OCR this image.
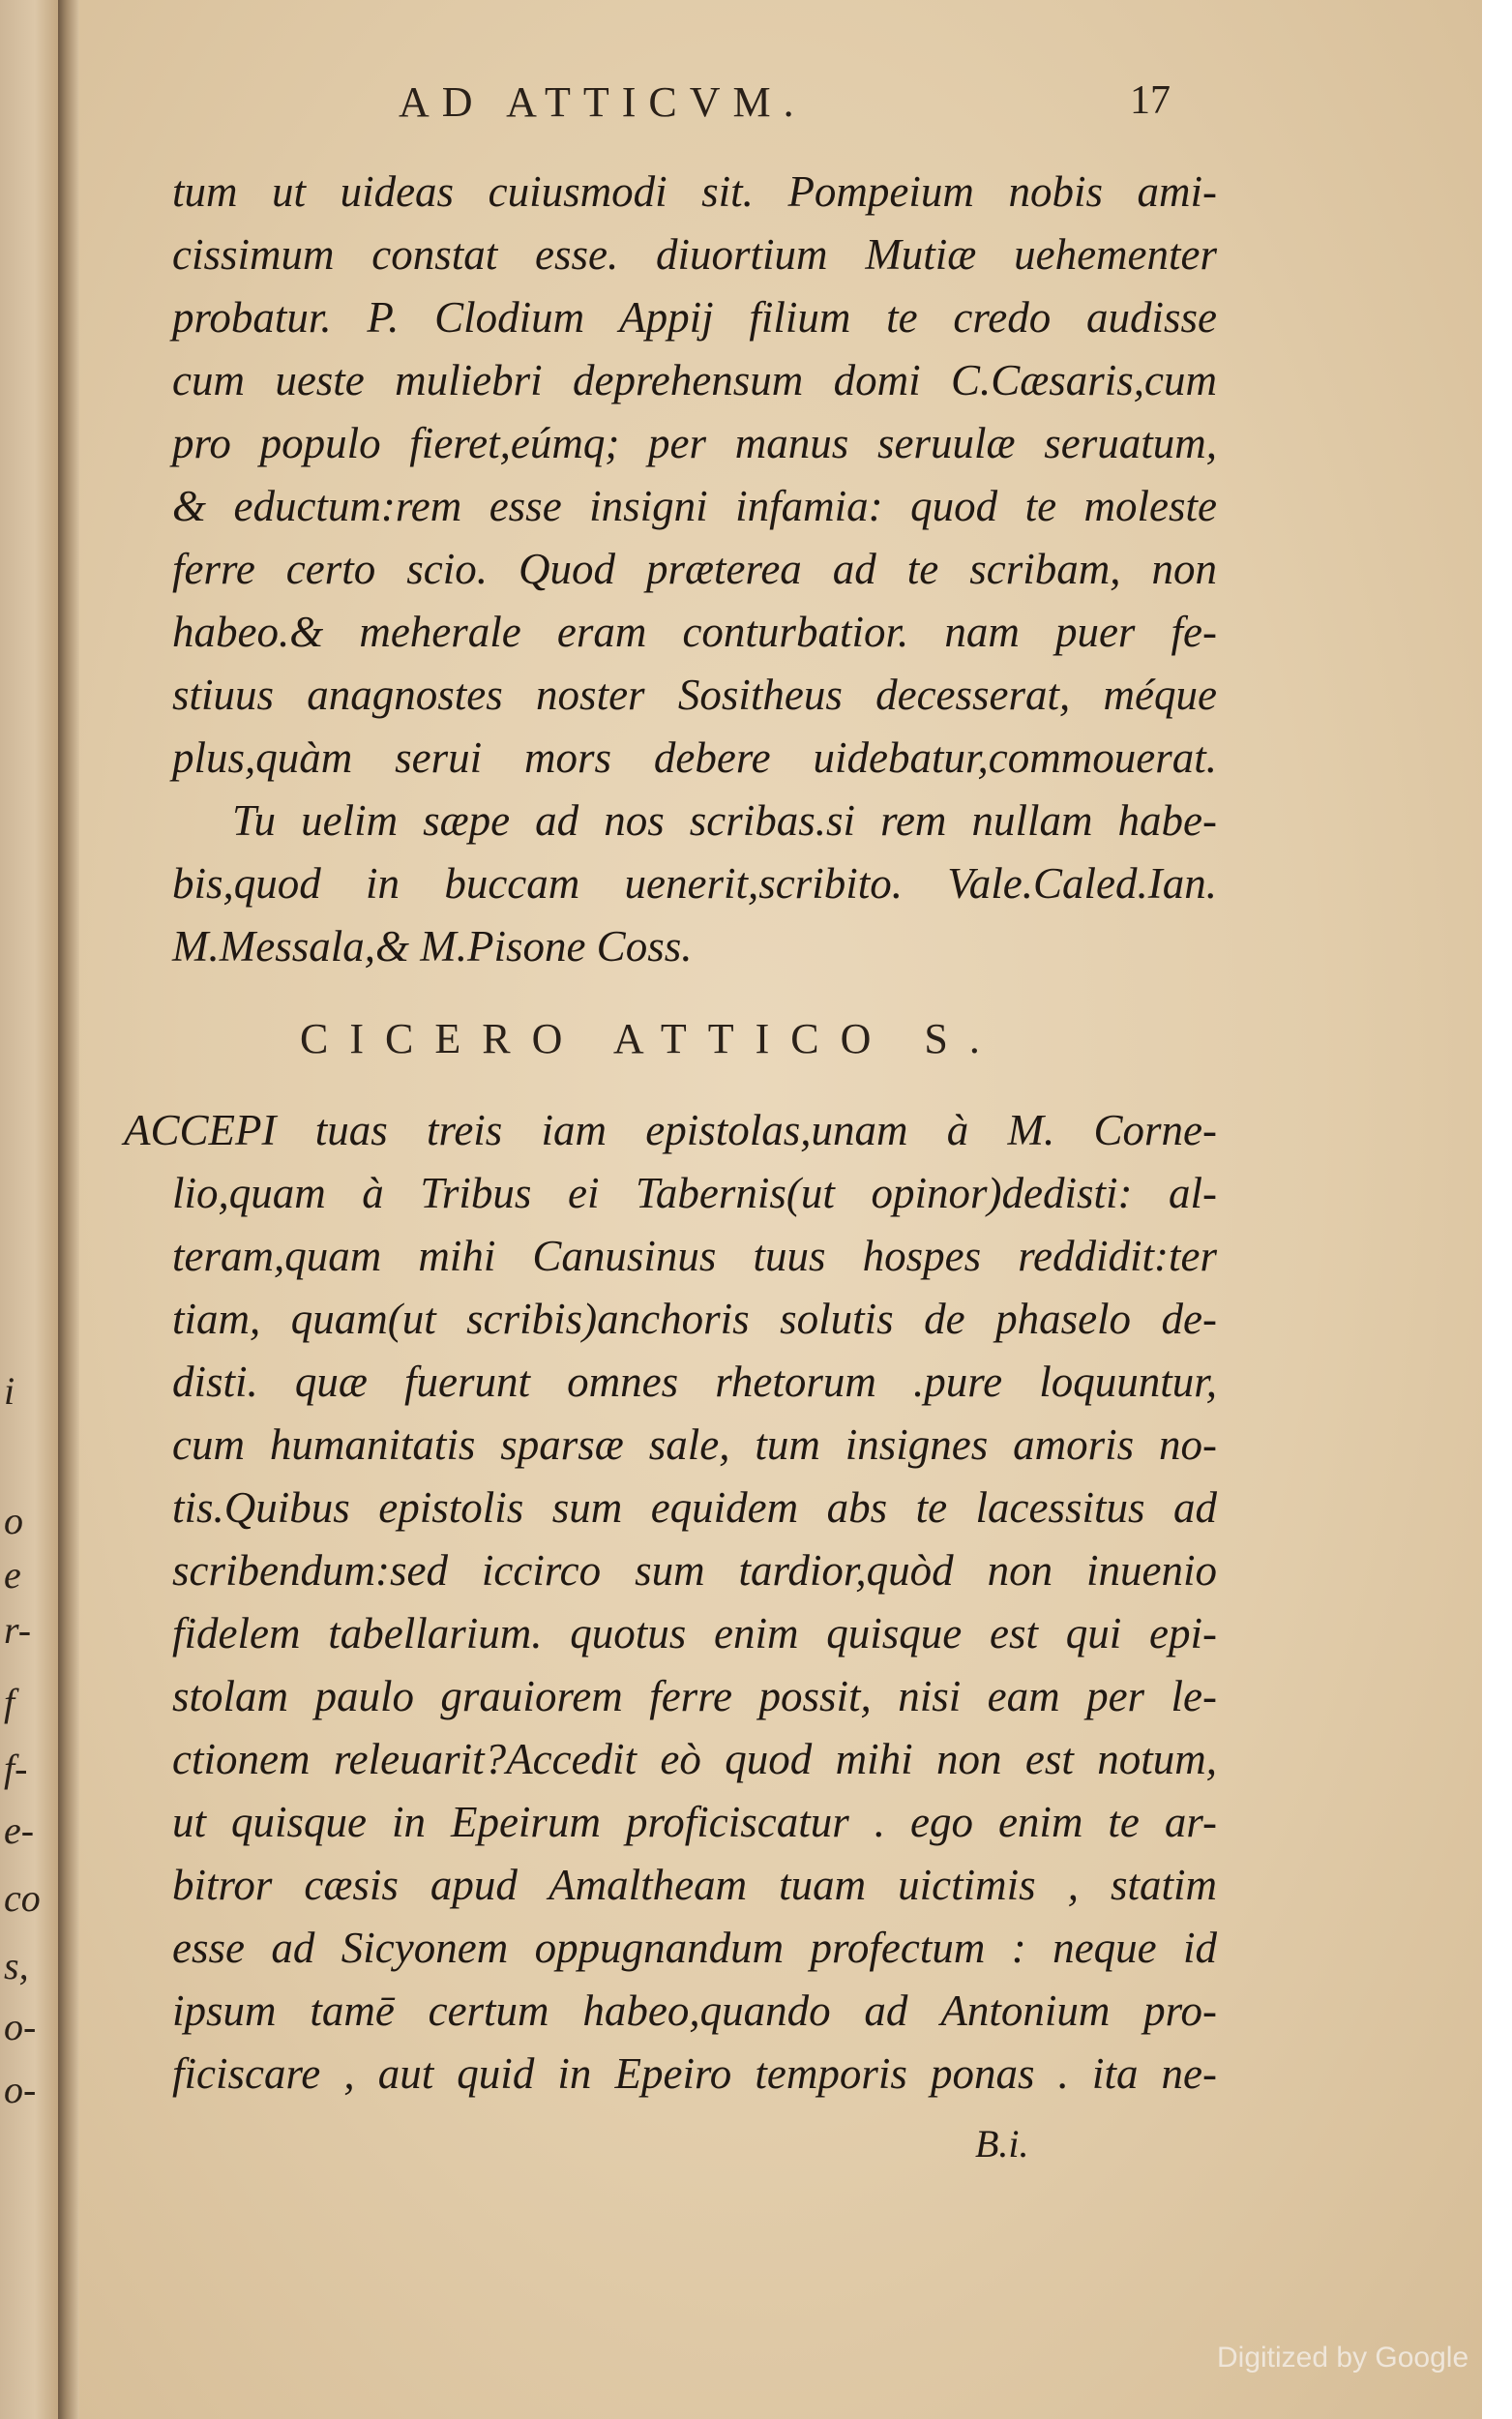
i
o
e
r-
f
f-
e-
co
s,
o-
o-
AD ATTICVM.	17
tum ut uideas cuiusmodi sit. Pompeium nobis ami-
cissimum constat esse. diuortium Mutiæ uehementer
probatur. P. Clodium Appij filium te credo audisse
cum ueste muliebri deprehensum domi C.Cæsaris,cum
pro populo fieret,eúmq; per manus seruulæ seruatum,
& eductum:rem esse insigni infamia: quod te moleste
ferre certo scio. Quod præterea ad te scribam, non
habeo.& meherale eram conturbatior. nam puer fe-
stiuus anagnostes noster Sositheus decesserat, méque
plus,quàm serui mors debere uidebatur,commouerat.
Tu uelim sæpe ad nos scribas.si rem nullam habe-
bis,quod in buccam uenerit,scribito. Vale.Caled.Ian.
M.Messala,& M.Pisone Coss.
CICERO ATTICO S.
ACCEPI tuas treis iam epistolas,unam à M. Corne-
lio,quam à Tribus ei Tabernis(ut opinor)dedisti: al-
teram,quam mihi Canusinus tuus hospes reddidit:ter
tiam, quam(ut scribis)anchoris solutis de phaselo de-
disti. quæ fuerunt omnes rhetorum .pure loquuntur,
cum humanitatis sparsæ sale, tum insignes amoris no-
tis.Quibus epistolis sum equidem abs te lacessitus ad
scribendum:sed iccirco sum tardior,quòd non inuenio
fidelem tabellarium. quotus enim quisque est qui epi-
stolam paulo grauiorem ferre possit, nisi eam per le-
ctionem releuarit?Accedit eò quod mihi non est notum,
ut quisque in Epeirum proficiscatur . ego enim te ar-
bitror cæsis apud Amaltheam tuam uictimis , statim
esse ad Sicyonem oppugnandum profectum : neque id
ipsum tamē certum habeo,quando ad Antonium pro-
ficiscare , aut quid in Epeiro temporis ponas . ita ne-
B.i.
Digitized by Google
